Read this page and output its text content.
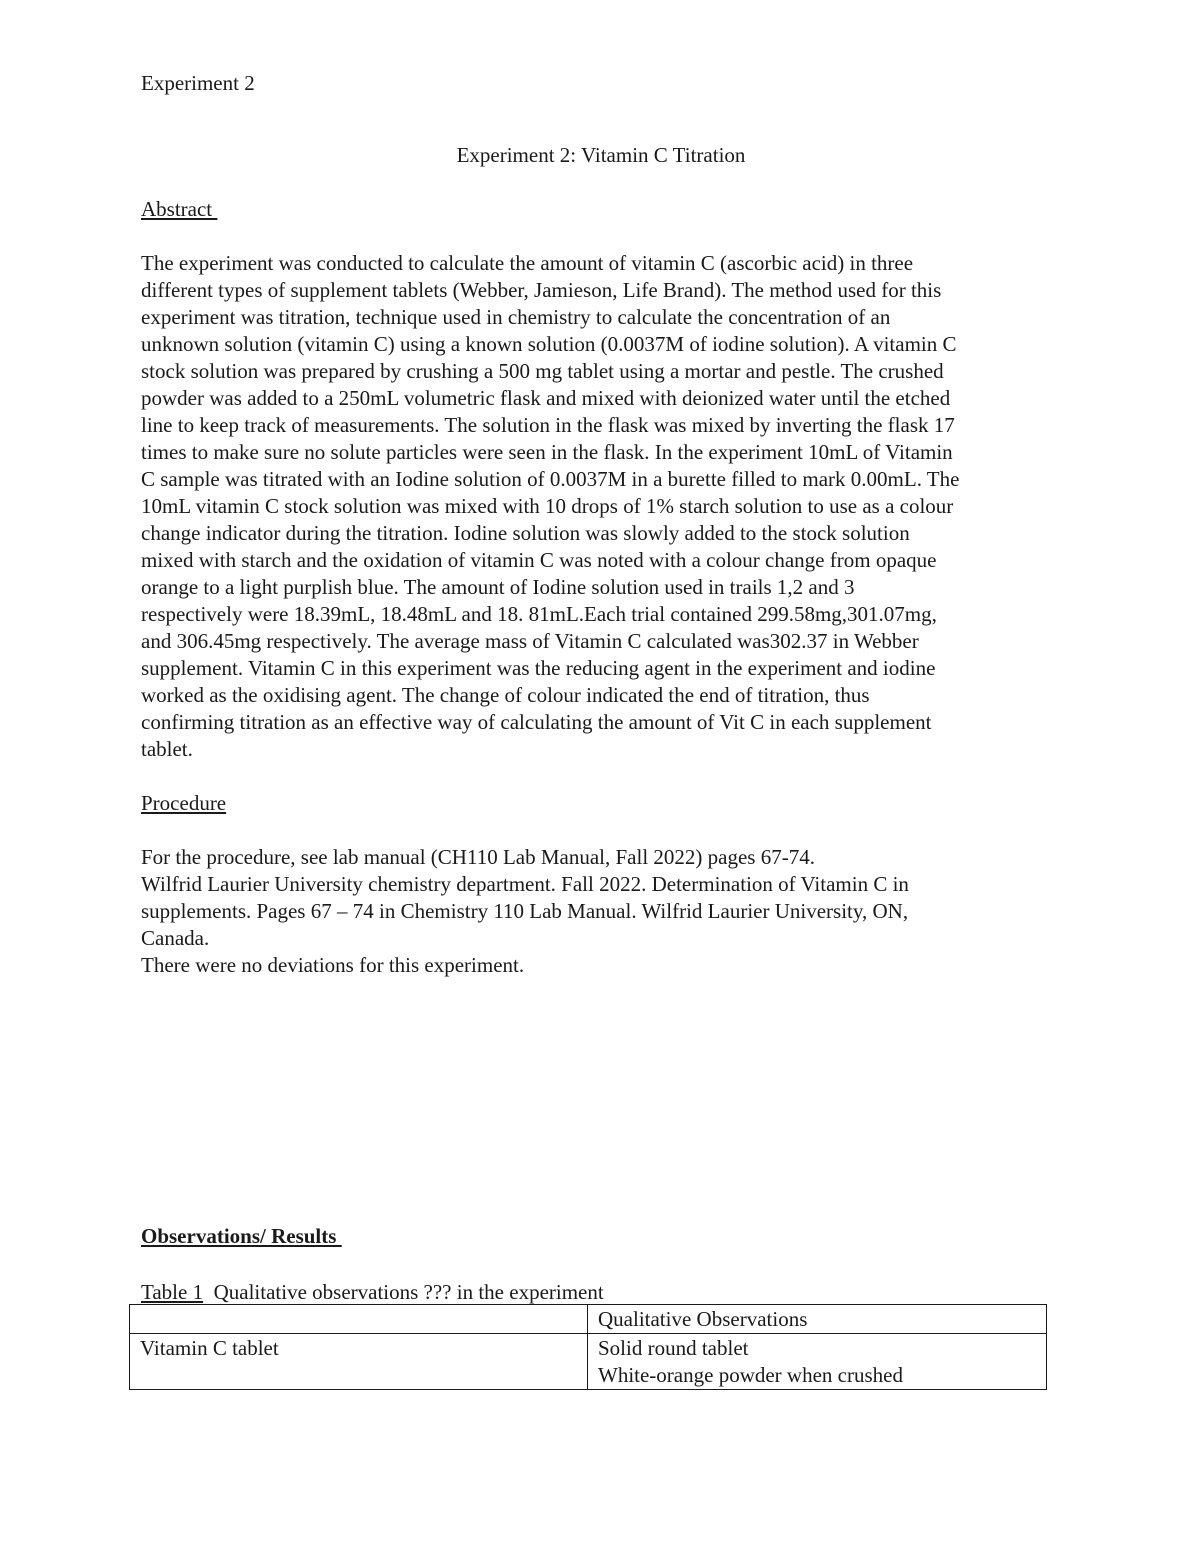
Experiment 2

Experiment 2: Vitamin C Titration
Abstract

The experiment was conducted to calculate the amount of vitamin C (ascorbic acid) in three
different types of supplement tablets (Webber, Jamieson, Life Brand). The method used for this
experiment was titration, technique used in chemistry to calculate the concentration of an
unknown solution (vitamin C) using a known solution (0.0037M of iodine solution). A vitamin C
stock solution was prepared by crushing a 500 mg tablet using a mortar and pestle. The crushed
powder was added to a 250mL volumetric flask and mixed with deionized water until the etched
line to keep track of measurements. The solution in the flask was mixed by inverting the flask 17
times to make sure no solute particles were seen in the flask. In the experiment 10mL of Vitamin
C sample was titrated with an Iodine solution of 0.0037M in a burette filled to mark 0.00mL. The
10mL vitamin C stock solution was mixed with 10 drops of 1% starch solution to use as a colour
change indicator during the titration. Iodine solution was slowly added to the stock solution
mixed with starch and the oxidation of vitamin C was noted with a colour change from opaque
orange to a light purplish blue. The amount of Iodine solution used in trails 1,2 and 3
respectively were 18.39mL, 18.48mL and 18. 81mL.Each trial contained 299.58mg,301.07mg,
and 306.45mg respectively. The average mass of Vitamin C calculated was302.37 in Webber
supplement. Vitamin C in this experiment was the reducing agent in the experiment and iodine
worked as the oxidising agent. The change of colour indicated the end of titration, thus
confirming titration as an effective way of calculating the amount of Vit C in each supplement
tablet.

Procedure
For the procedure, see lab manual (CH110 Lab Manual, Fall 2022) pages 67-74.
Wilfrid Laurier University chemistry department. Fall 2022. Determination of Vitamin C in
supplements. Pages 67 – 74 in Chemistry 110 Lab Manual. Wilfrid Laurier University, ON,
Canada.
There were no deviations for this experiment.
Observations/ Results

Table 1  Qualitative observations ??? in the experiment

	Qualitative Observations
Vitamin C tablet	Solid round tablet
White-orange powder when crushed
